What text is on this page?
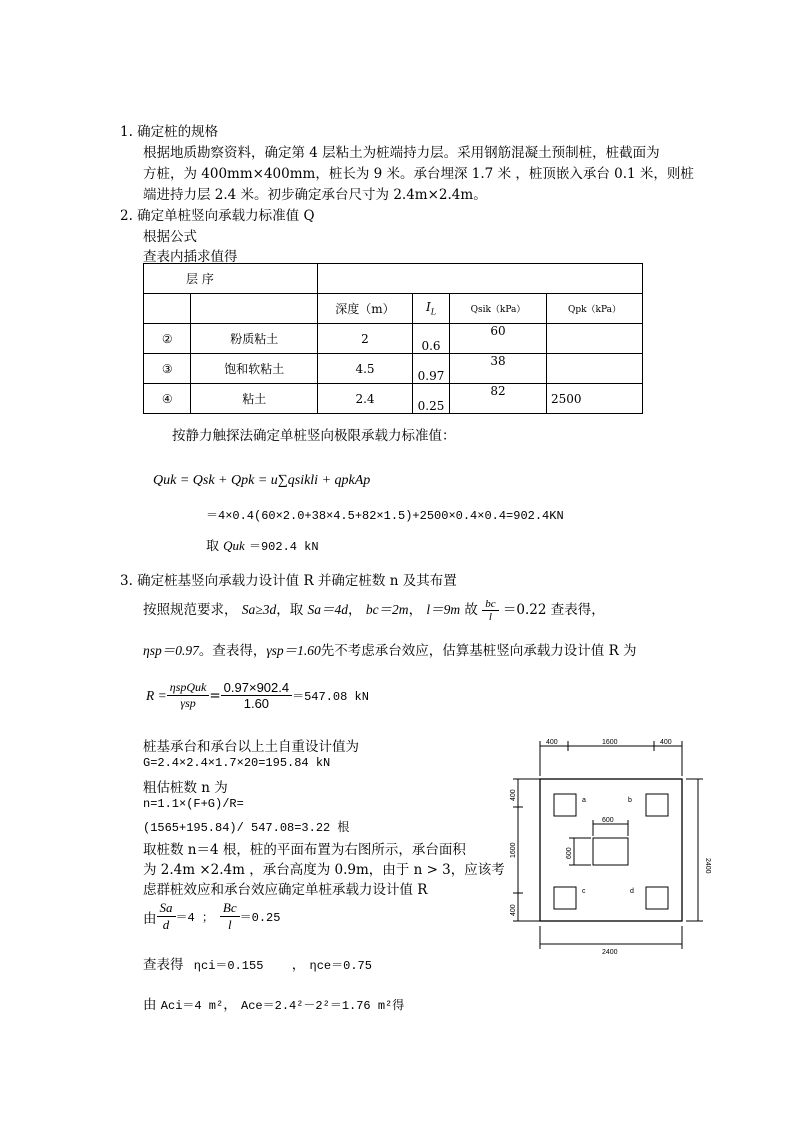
1. 确定桩的规格
根据地质勘察资料，确定第 4 层粘土为桩端持力层。采用钢筋混凝土预制桩，桩截面为
方桩，为 400mm×400mm，桩长为 9 米。承台埋深 1.7 米 ，桩顶嵌入承台 0.1 米，则桩
端进持力层 2.4 米。初步确定承台尺寸为 2.4m×2.4m。
2. 确定单桩竖向承载力标准值 Q
根据公式
查表内插求值得
层 序					
		深度（m）	$I_L$	Qsik（kPa）	Qpk（kPa）
②	粉质粘土	2	0.6	60	
③	饱和软粘土	4.5	0.97	38	
④	粘土	2.4	0.25	82	2500
按静力触探法确定单桩竖向极限承载力标准值：
Quk = Qsk + Qpk = u∑qsikli + qpkAp
＝4×0.4(60×2.0+38×4.5+82×1.5)+2500×0.4×0.4=902.4KN
取 Quk ＝902.4 kN
3. 确定桩基竖向承载力设计值 R 并确定桩数 n 及其布置
按照规范要求， Sa≥3d，取 Sa＝4d， bc＝2m， l＝9m 故 $\frac{bc}{l} =0.22$ 查表得，
ηsp＝0.97。查表得，γsp＝1.60先不考虑承台效应，估算基桩竖向承载力设计值 R 为
$R = \frac{\text{ηspQuk}}{\text{γsp}} = \frac{0.97\times 902.4}{1.60} =547.08$ kN
桩基承台和承台以上土自重设计值为
G=2.4×2.4×1.7×20=195.84 kN
粗估桩数 n 为
n=1.1×(F+G)/R=
(1565+195.84)/ 547.08=3.22 根
取桩数 n＝4 根，桩的平面布置为右图所示，承台面积
为 2.4m ×2.4m ，承台高度为 0.9m，由于 n > 3，应该考
虑群桩效应和承台效应确定单桩承载力设计值 R
由 $\frac{Sa}{d} =4$ ； $\frac{Bc}{l} =0.25$
查表得 ηci＝0.155 ， ηce＝0.75
由 Aci＝4 m²， Ace＝2.4²－2²＝1.76 m²得
400	1600	400
2400
600
a	b
c	d
400
1600
400
2400
600
